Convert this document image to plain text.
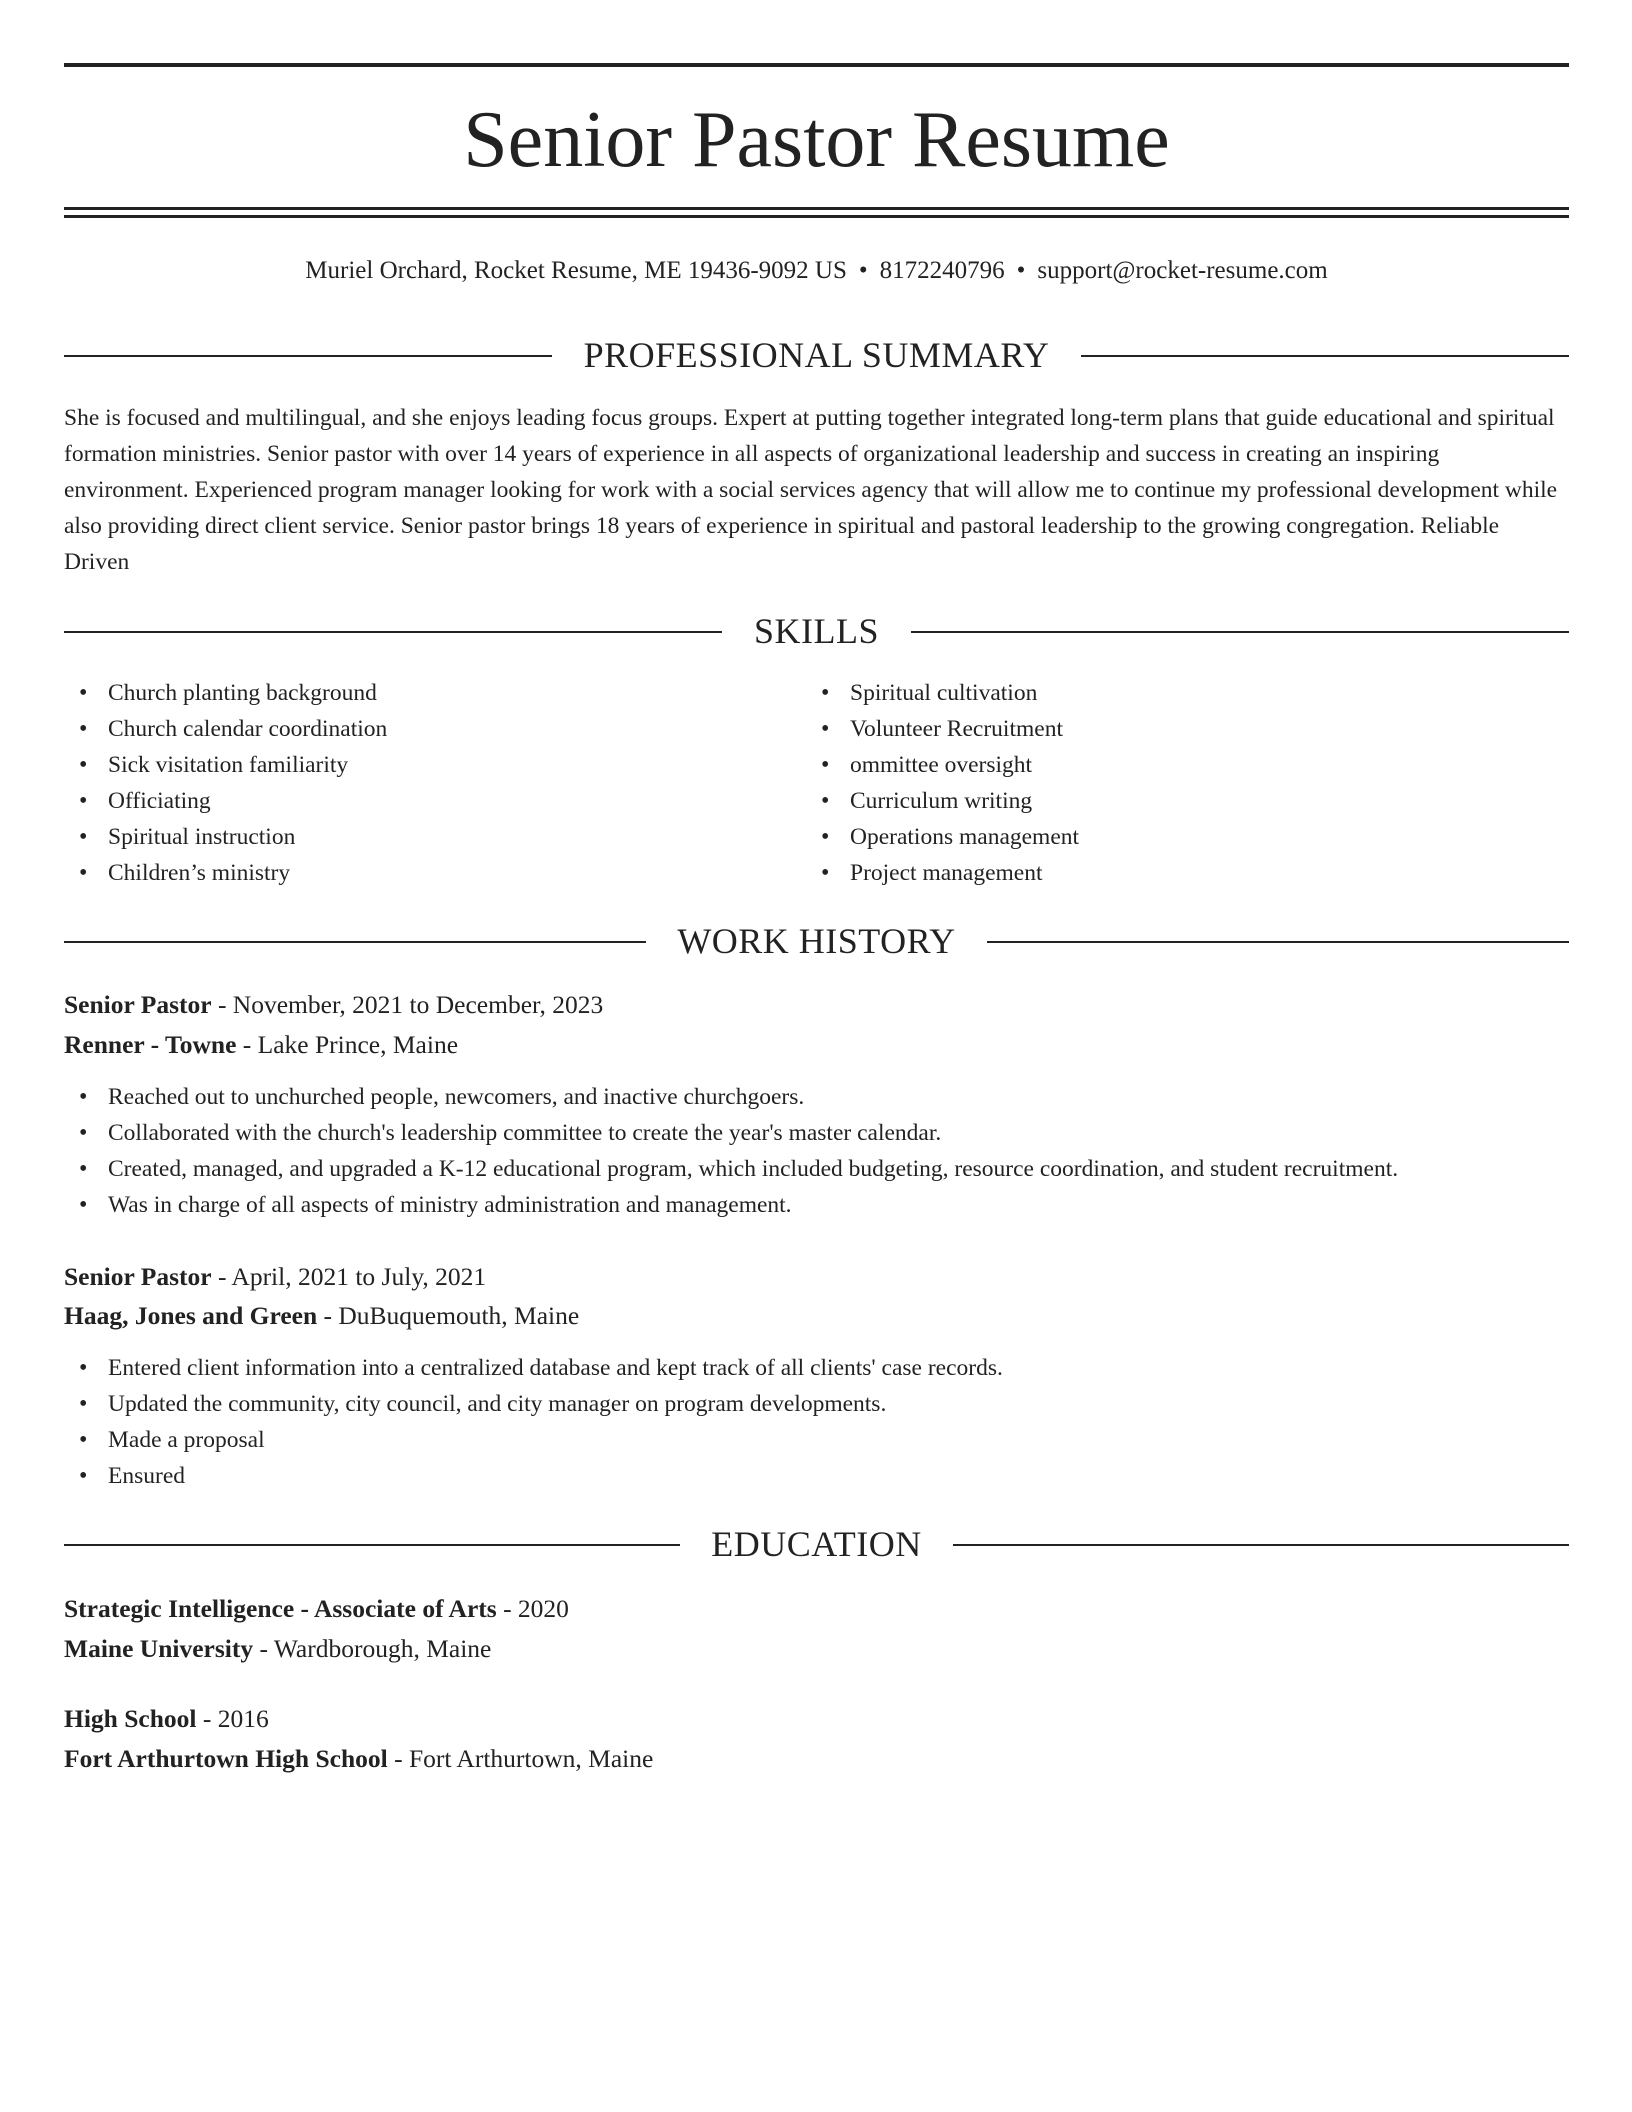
Senior Pastor Resume
Muriel Orchard, Rocket Resume, ME 19436-9092 US • 8172240796 • support@rocket-resume.com
PROFESSIONAL SUMMARY

She is focused and multilingual, and she enjoys leading focus groups. Expert at putting together integrated long-term plans that guide educational and spiritual formation ministries. Senior pastor with over 14 years of experience in all aspects of organizational leadership and success in creating an inspiring environment. Experienced program manager looking for work with a social services agency that will allow me to continue my professional development while also providing direct client service. Senior pastor brings 18 years of experience in spiritual and pastoral leadership to the growing congregation. Reliable Driven

SKILLS
• Church planting background
• Church calendar coordination
• Sick visitation familiarity
• Officiating
• Spiritual instruction
• Children’s ministry
• Spiritual cultivation
• Volunteer Recruitment
• ommittee oversight
• Curriculum writing
• Operations management
• Project management
WORK HISTORY
Senior Pastor - November, 2021 to December, 2023
Renner - Towne - Lake Prince, Maine
• Reached out to unchurched people, newcomers, and inactive churchgoers.
• Collaborated with the church's leadership committee to create the year's master calendar.
• Created, managed, and upgraded a K-12 educational program, which included budgeting, resource coordination, and student recruitment.
• Was in charge of all aspects of ministry administration and management.
Senior Pastor - April, 2021 to July, 2021
Haag, Jones and Green - DuBuquemouth, Maine
• Entered client information into a centralized database and kept track of all clients' case records.
• Updated the community, city council, and city manager on program developments.
• Made a proposal
• Ensured
EDUCATION
Strategic Intelligence - Associate of Arts - 2020
Maine University - Wardborough, Maine
High School - 2016
Fort Arthurtown High School - Fort Arthurtown, Maine
